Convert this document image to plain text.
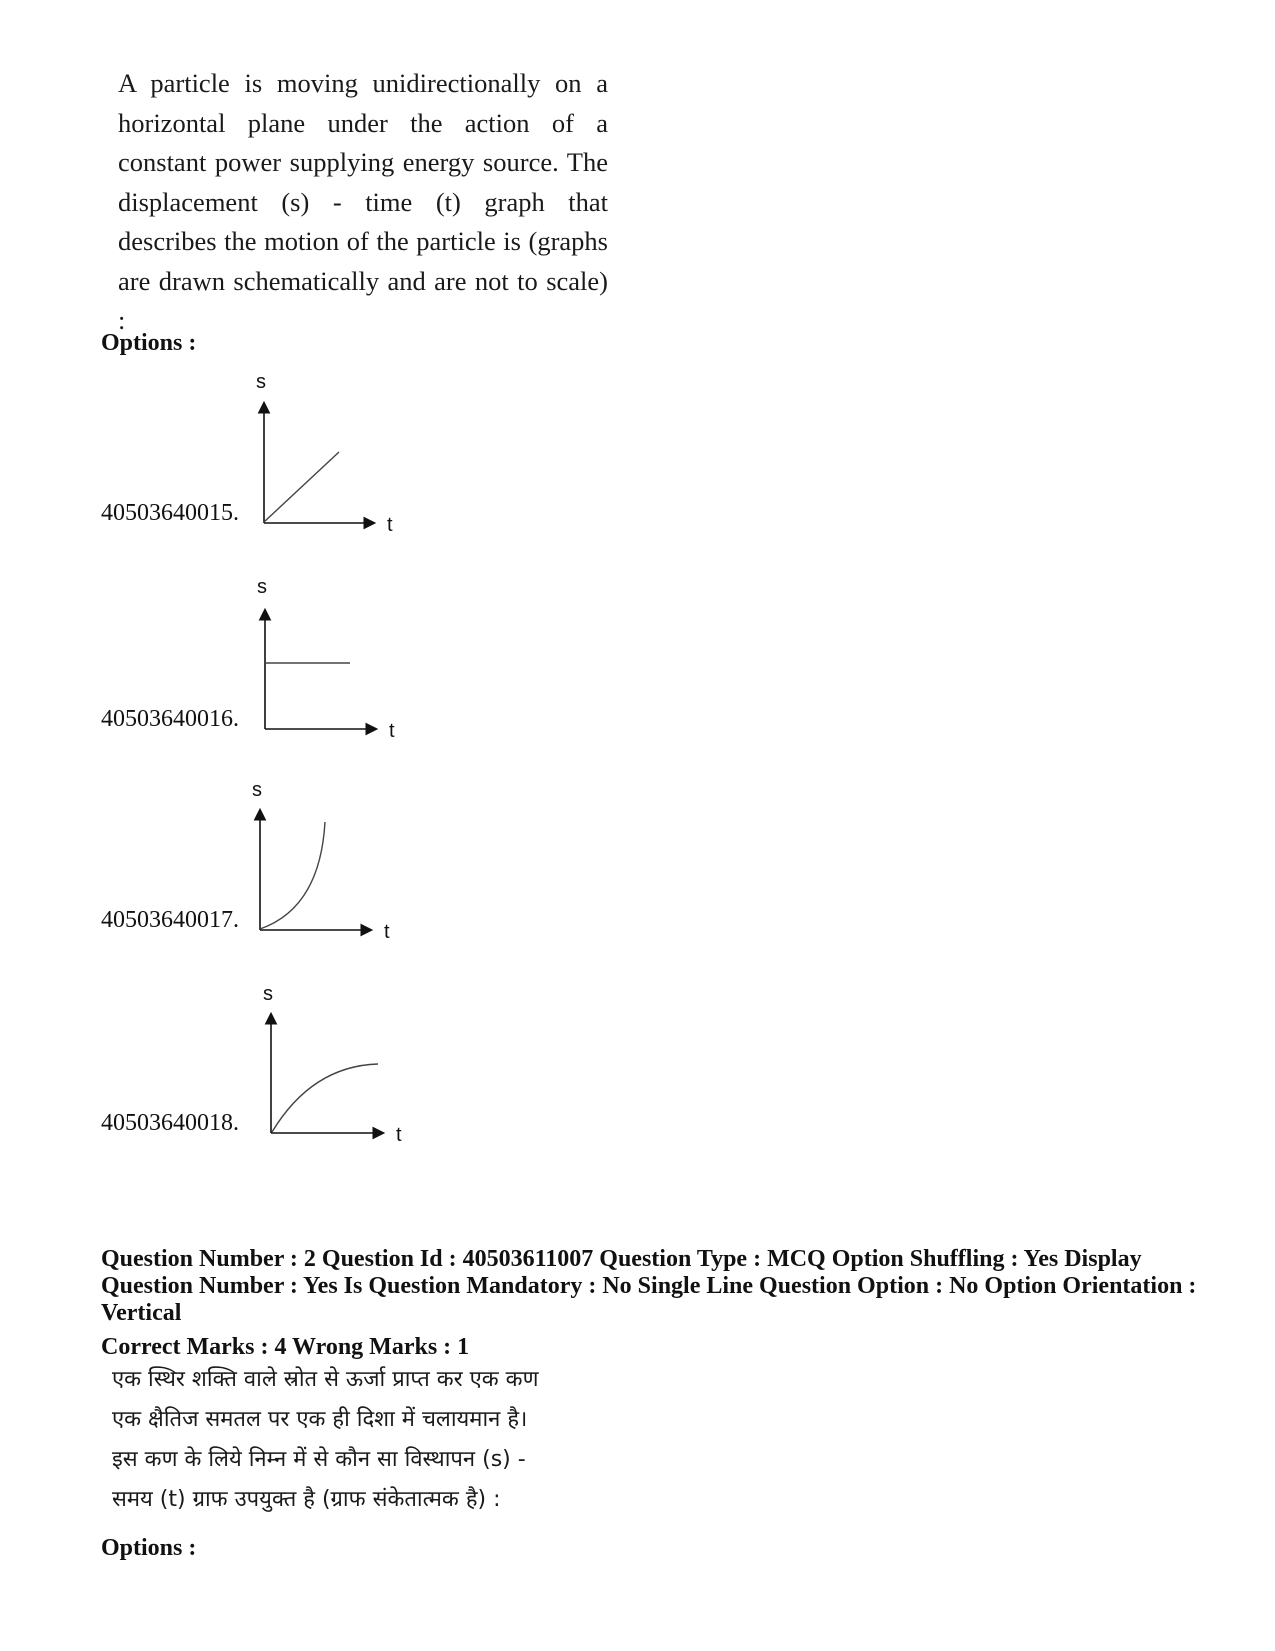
A particle is moving unidirectionally on a horizontal plane under the action of a constant power supplying energy source. The displacement (s) - time (t) graph that describes the motion of the particle is (graphs are drawn schematically and are not to scale) :
Options :
40503640015.
s
t
40503640016.
s
t
40503640017.
s
t
40503640018.
s
t
Question Number : 2 Question Id : 40503611007 Question Type : MCQ Option Shuffling : Yes Display Question Number : Yes Is Question Mandatory : No Single Line Question Option : No Option Orientation : Vertical
Correct Marks : 4 Wrong Marks : 1
एक स्थिर शक्ति वाले स्रोत से ऊर्जा प्राप्त कर एक कण
एक क्षैतिज समतल पर एक ही दिशा में चलायमान है।
इस कण के लिये निम्न में से कौन सा विस्थापन (s) -
समय (t) ग्राफ उपयुक्त है (ग्राफ संकेतात्मक है) :
Options :
